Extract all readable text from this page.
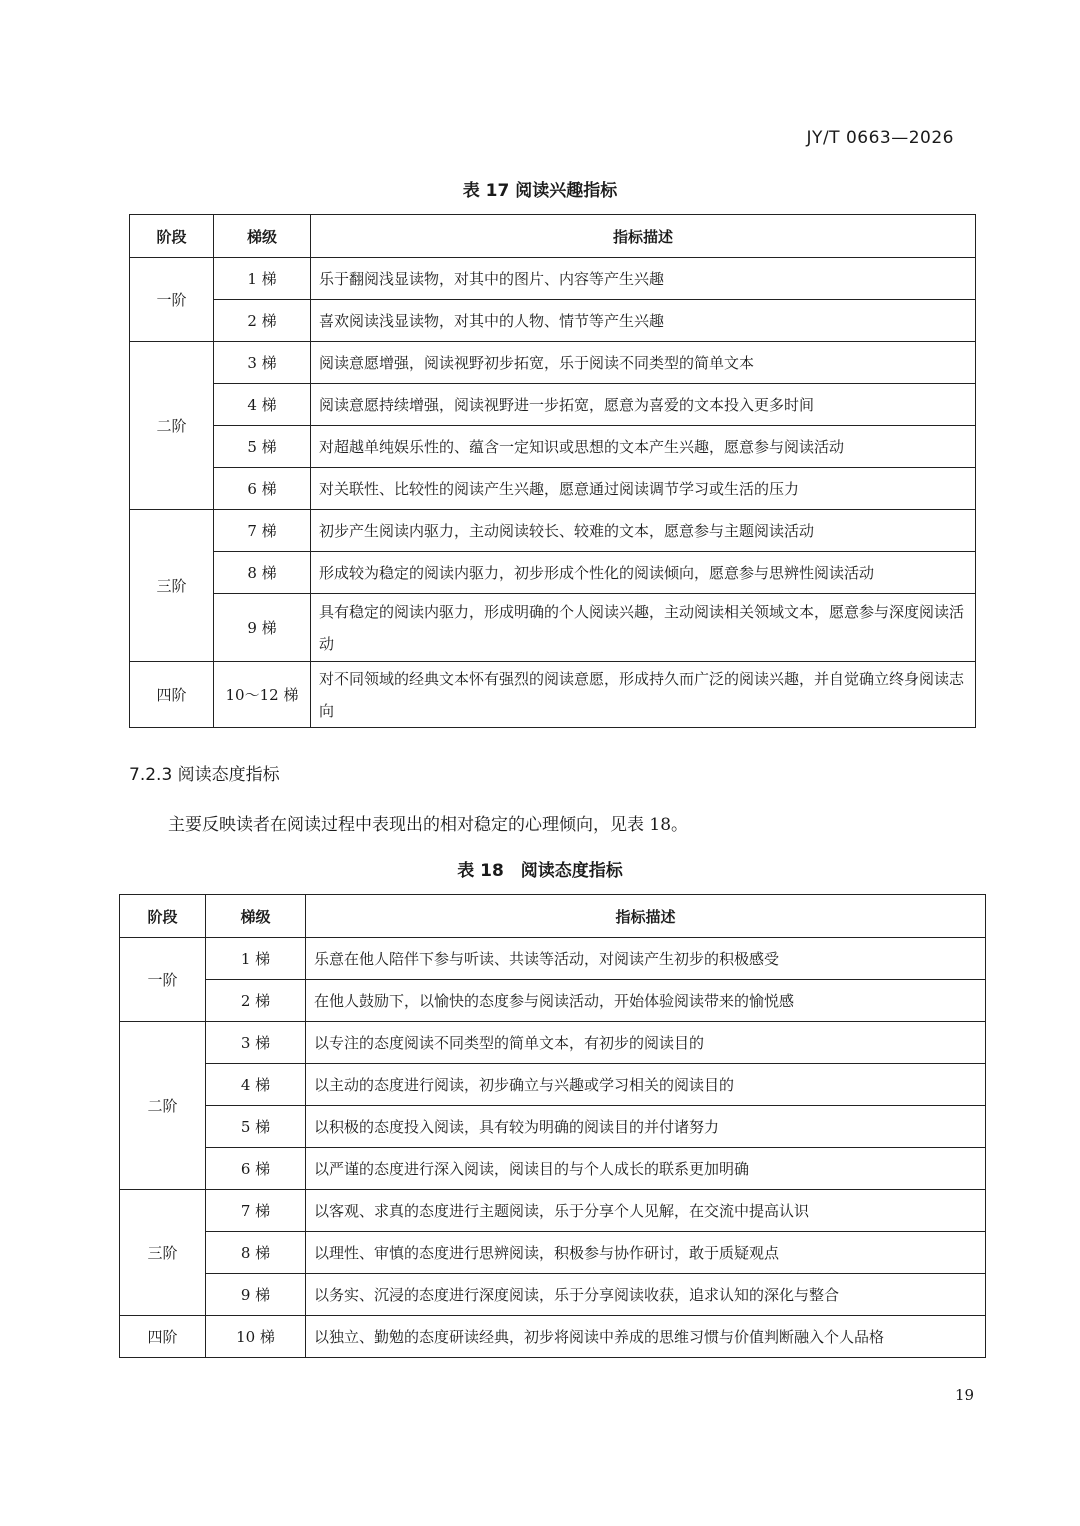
JY/T 0663—2026
表 17 阅读兴趣指标
阶段	梯级	指标描述
一阶	1 梯	乐于翻阅浅显读物，对其中的图片、内容等产生兴趣
	2 梯	喜欢阅读浅显读物，对其中的人物、情节等产生兴趣
二阶	3 梯	阅读意愿增强，阅读视野初步拓宽，乐于阅读不同类型的简单文本
	4 梯	阅读意愿持续增强，阅读视野进一步拓宽，愿意为喜爱的文本投入更多时间
	5 梯	对超越单纯娱乐性的、蕴含一定知识或思想的文本产生兴趣，愿意参与阅读活动
	6 梯	对关联性、比较性的阅读产生兴趣，愿意通过阅读调节学习或生活的压力
三阶	7 梯	初步产生阅读内驱力，主动阅读较长、较难的文本，愿意参与主题阅读活动
	8 梯	形成较为稳定的阅读内驱力，初步形成个性化的阅读倾向，愿意参与思辨性阅读活动
	9 梯	具有稳定的阅读内驱力，形成明确的个人阅读兴趣，主动阅读相关领域文本，愿意参与深度阅读活动
四阶	10～12 梯	对不同领域的经典文本怀有强烈的阅读意愿，形成持久而广泛的阅读兴趣，并自觉确立终身阅读志向
7.2.3 阅读态度指标
主要反映读者在阅读过程中表现出的相对稳定的心理倾向，见表 18。
表 18　阅读态度指标
阶段	梯级	指标描述
一阶	1 梯	乐意在他人陪伴下参与听读、共读等活动，对阅读产生初步的积极感受
	2 梯	在他人鼓励下，以愉快的态度参与阅读活动，开始体验阅读带来的愉悦感
二阶	3 梯	以专注的态度阅读不同类型的简单文本，有初步的阅读目的
	4 梯	以主动的态度进行阅读，初步确立与兴趣或学习相关的阅读目的
	5 梯	以积极的态度投入阅读，具有较为明确的阅读目的并付诸努力
	6 梯	以严谨的态度进行深入阅读，阅读目的与个人成长的联系更加明确
三阶	7 梯	以客观、求真的态度进行主题阅读，乐于分享个人见解，在交流中提高认识
	8 梯	以理性、审慎的态度进行思辨阅读，积极参与协作研讨，敢于质疑观点
	9 梯	以务实、沉浸的态度进行深度阅读，乐于分享阅读收获，追求认知的深化与整合
四阶	10 梯	以独立、勤勉的态度研读经典，初步将阅读中养成的思维习惯与价值判断融入个人品格
19
